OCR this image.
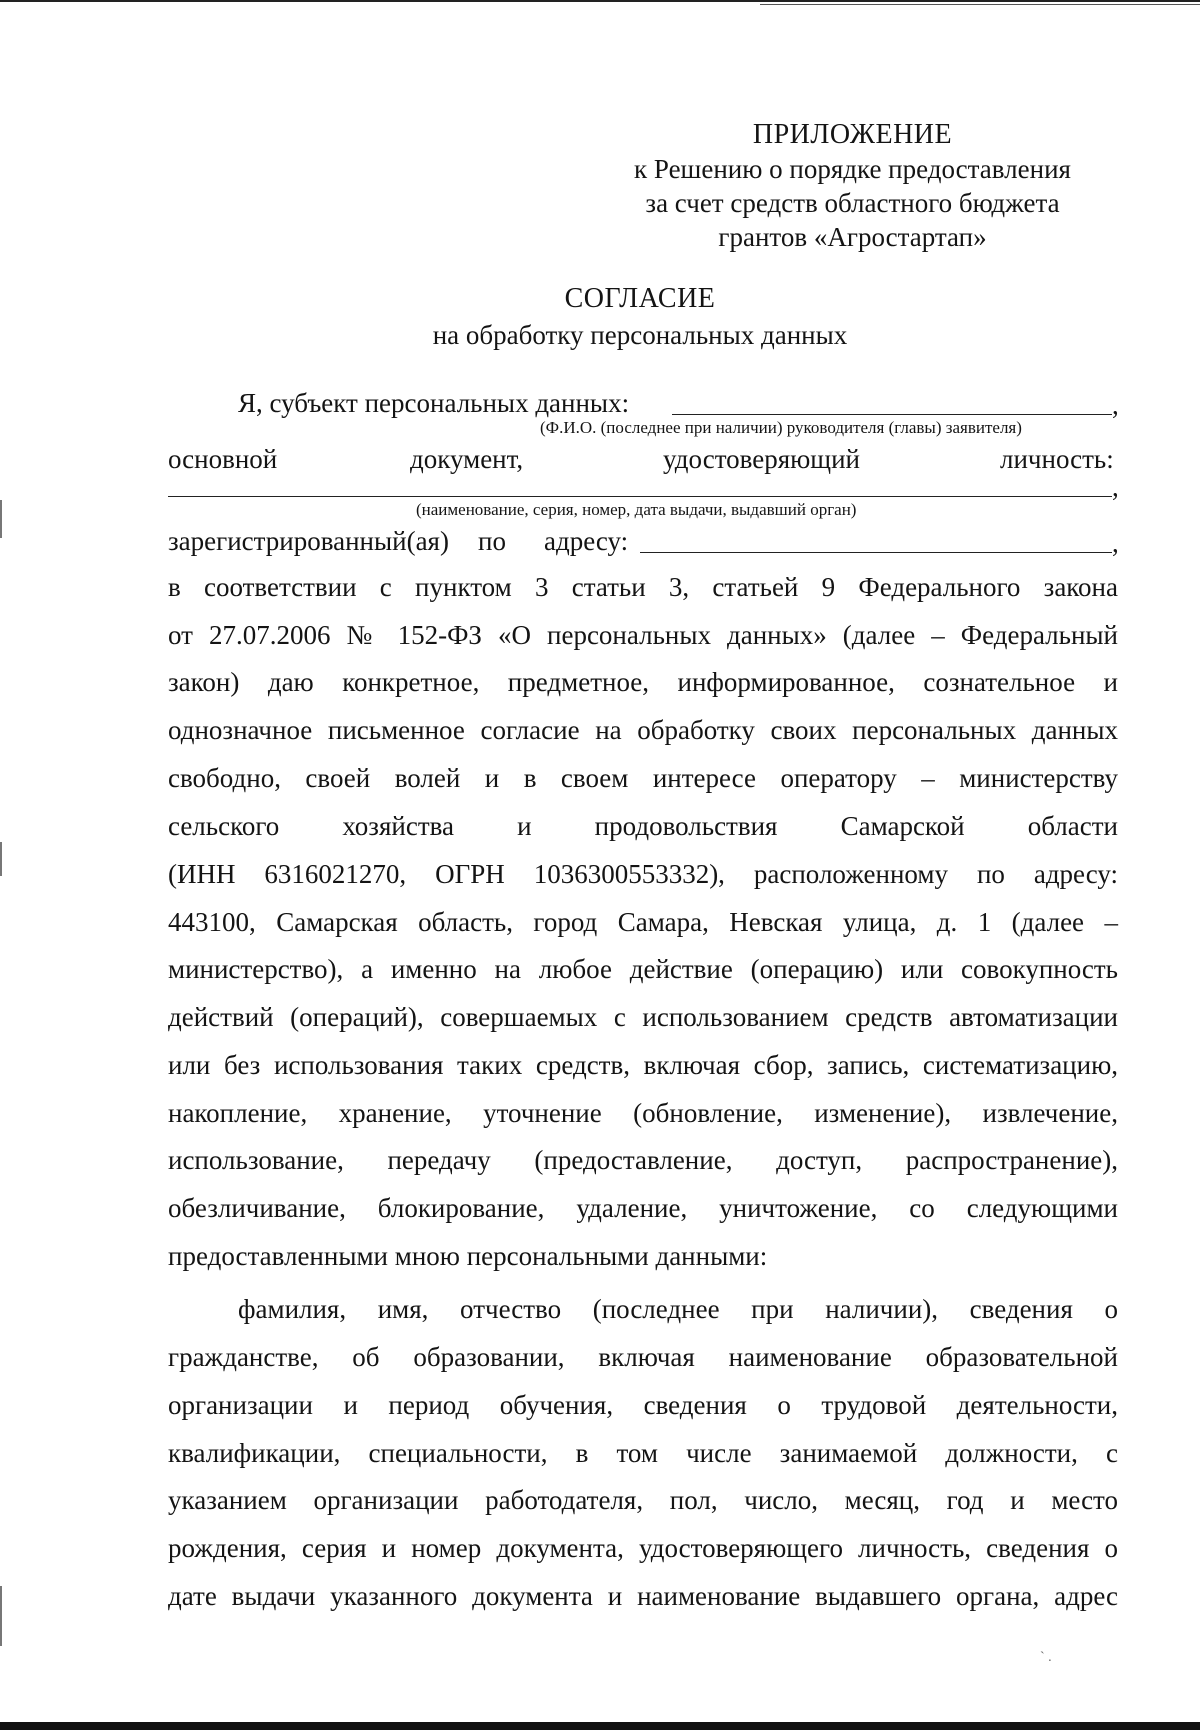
ПРИЛОЖЕНИЕ
к Решению о порядке предоставления
за счет средств областного бюджета
грантов «Агростартап»
СОГЛАСИЕ
на обработку персональных данных
Я, субъект персональных данных:	,
(Ф.И.О. (последнее при наличии) руководителя (главы) заявителя)
основной	документ,	удостоверяющий	личность:
,
(наименование, серия, номер, дата выдачи, выдавший орган)
зарегистрированный(ая) по адресу:	,
в соответствии с пунктом 3 статьи 3, статьей 9 Федерального закона
от 27.07.2006 № 152-ФЗ «О персональных данных» (далее – Федеральный
закон) даю конкретное, предметное, информированное, сознательное и
однозначное письменное согласие на обработку своих персональных данных
свободно, своей волей и в своем интересе оператору – министерству
сельского хозяйства и продовольствия Самарской области
(ИНН 6316021270, ОГРН 1036300553332), расположенному по адресу:
443100, Самарская область, город Самара, Невская улица, д. 1 (далее –
министерство), а именно на любое действие (операцию) или совокупность
действий (операций), совершаемых с использованием средств автоматизации
или без использования таких средств, включая сбор, запись, систематизацию,
накопление, хранение, уточнение (обновление, изменение), извлечение,
использование, передачу (предоставление, доступ, распространение),
обезличивание, блокирование, удаление, уничтожение, со следующими
предоставленными мною персональными данными:
фамилия, имя, отчество (последнее при наличии), сведения о
гражданстве, об образовании, включая наименование образовательной
организации и период обучения, сведения о трудовой деятельности,
квалификации, специальности, в том числе занимаемой должности, с
указанием организации работодателя, пол, число, месяц, год и место
рождения, серия и номер документа, удостоверяющего личность, сведения о
дате выдачи указанного документа и наименование выдавшего органа, адрес
` .
